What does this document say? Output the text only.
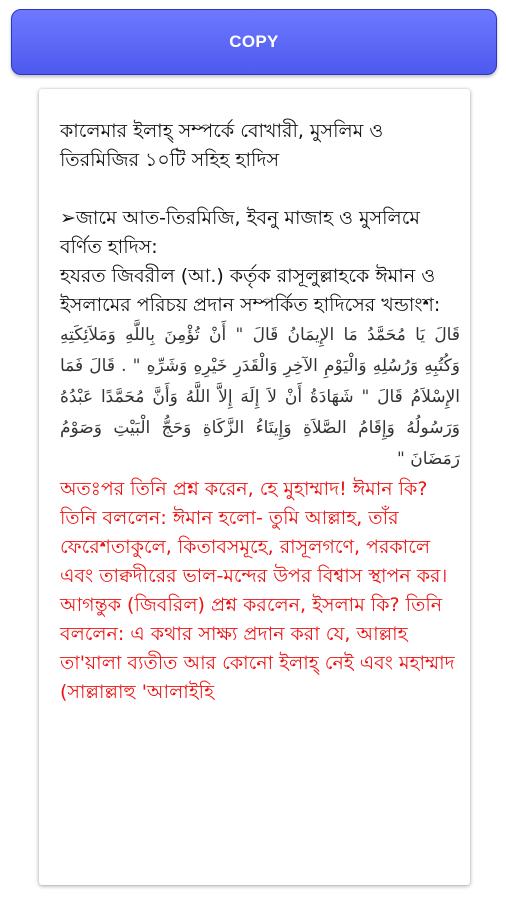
COPY

কালেমার ইলাহ্ সম্পর্কে বোখারী, মুসলিম ও তিরমিজির ১০টি সহিহ হাদিস

➢জামে আত-তিরমিজি, ইবনু মাজাহ ও মুসলিমে বর্ণিত হাদিস:

হযরত জিবরীল (আ.) কর্তৃক রাসূলুল্লাহকে ঈমান ও ইসলামের পরিচয় প্রদান সম্পর্কিত হাদিসের খন্ডাংশ:

قَالَ يَا مُحَمَّدُ مَا الإِيمَانُ قَالَ " أَنْ تُؤْمِنَ بِاللَّهِ وَمَلاَئِكَتِهِ وَكُتُبِهِ وَرُسُلِهِ وَالْيَوْمِ الآخِرِ وَالْقَدَرِ خَيْرِهِ وَشَرِّهِ " . قَالَ فَمَا الإِسْلاَمُ قَالَ " شَهَادَةُ أَنْ لاَ إِلَهَ إِلاَّ اللَّهُ وَأَنَّ مُحَمَّدًا عَبْدُهُ وَرَسُولُهُ وَإِقَامُ الصَّلاَةِ وَإِيتَاءُ الزَّكَاةِ وَحَجُّ الْبَيْتِ وَصَوْمُ رَمَضَانَ "

অতঃপর তিনি প্রশ্ন করেন, হে মুহাম্মাদ! ঈমান কি? তিনি বললেন: ঈমান হলো- তুমি আল্লাহ, তাঁর ফেরেশতাকুলে, কিতাবসমূহে, রাসূলগণে, পরকালে এবং তাক্বদীরের ভাল-মন্দের উপর বিশ্বাস স্থাপন কর। আগন্তুক (জিবরিল) প্রশ্ন করলেন, ইসলাম কি? তিনি বললেন: এ কথার সাক্ষ্য প্রদান করা যে, আল্লাহ তা'য়ালা ব্যতীত আর কোনো ইলাহ্ নেই এবং মহাম্মাদ (সাল্লাল্লাহু 'আলাইহি
